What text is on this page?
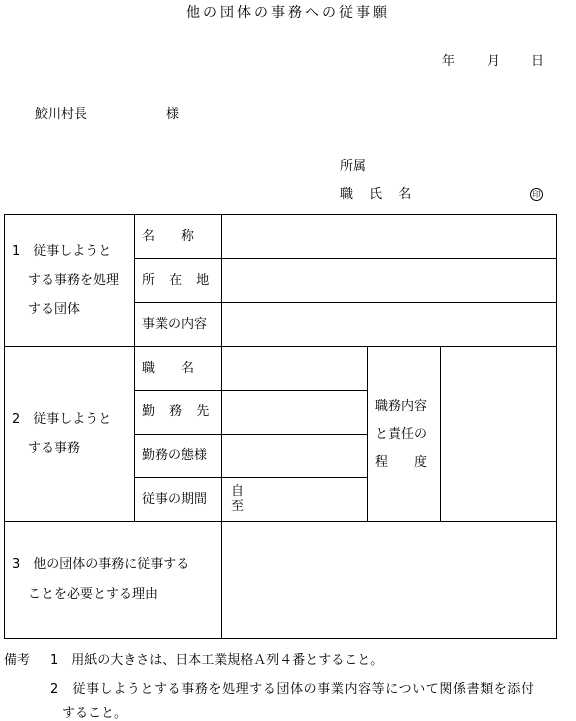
他の団体の事務への従事願
年 月 日
鮫川村長	様
所属
職 氏 名	印
1　従事しようと
する事務を処理
する団体
名　　称
所 在 地
事業の内容
2　従事しようと
する事務
職　　名
勤 務 先
勤務の態様
従事の期間
自
至
職務内容
と責任の
程　　度
3　他の団体の事務に従事する
ことを必要とする理由
備考 1　用紙の大きさは、日本工業規格Ａ列４番とすること。
2　従事しようとする事務を処理する団体の事業内容等について関係書類を添付
すること。
